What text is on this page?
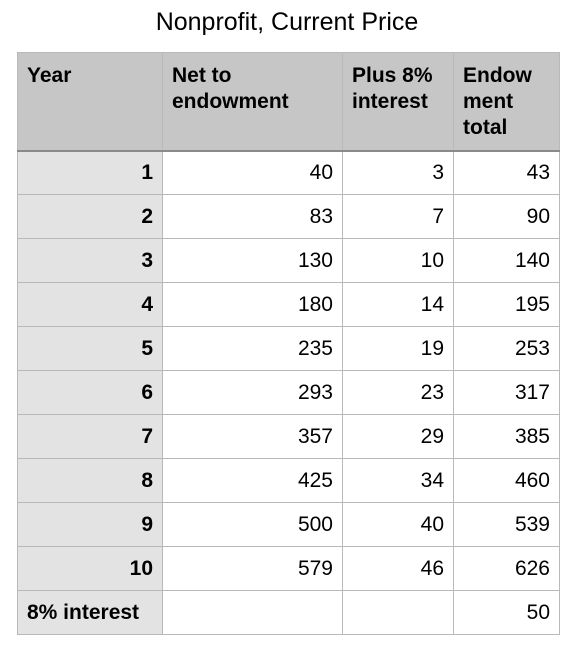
Nonprofit, Current Price
Year	Net to endowment	Plus 8% interest	Endow ment total
1	40	3	43
2	83	7	90
3	130	10	140
4	180	14	195
5	235	19	253
6	293	23	317
7	357	29	385
8	425	34	460
9	500	40	539
10	579	46	626
8% interest			50
